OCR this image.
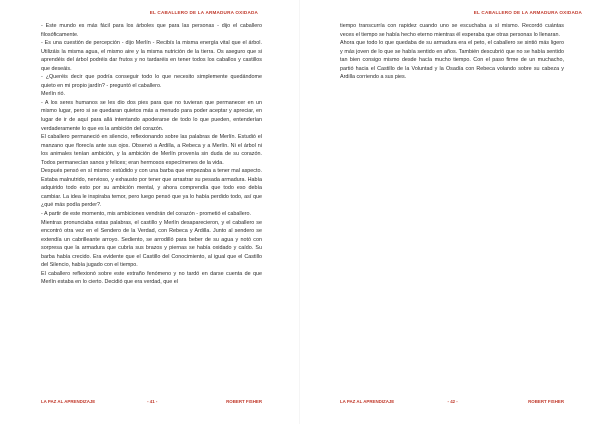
EL CABALLERO DE LA ARMADURA OXIDADA

- Este mundo es más fácil para los árboles que para las personas - dijo el caballero filosóficamente.

- Es una cuestión de percepción - dijo Merlín - Recibís la misma energía vital que el árbol. Utilizáis la misma agua, el mismo aire y la misma nutrición de la tierra. Os aseguro que si aprendéis del árbol podréis dar frutos y no tardaréis en tener todos los caballos y castillos que deseáis.

- ¿Queréis decir que podría conseguir todo lo que necesito simplemente quedándome quieto en mi propio jardín? - preguntó el caballero.

Merlín rió.

- A los seres humanos se les dio dos pies para que no tuvieran que permanecer en un mismo lugar, pero si se quedaran quietos más a menudo para poder aceptar y apreciar, en lugar de ir de aquí para allá intentando apoderarse de todo lo que pueden, entenderían verdaderamente lo que es la ambición del corazón.

El caballero permaneció en silencio, reflexionando sobre las palabras de Merlín. Estudió el manzano que florecía ante sus ojos. Observó a Ardilla, a Rebeca y a Merlín. Ni el árbol ni los animales tenían ambición, y la ambición de Merlín provenía sin duda de su corazón. Todos permanecían sanos y felices; eran hermosos especímenes de la vida.

Después pensó en sí mismo: estúdido y con una barba que empezaba a tener mal aspecto. Estaba malnutrido, nervioso, y exhausto por tener que arrastrar su pesada armadura. Había adquirido todo esto por su ambición mental, y ahora comprendía que todo eso debía cambiar. La idea le inspiraba temor, pero luego pensó que ya lo había perdido todo, así que ¿qué más podía perder?.

- A partir de este momento, mis ambiciones vendrán del corazón - prometió el caballero.

Mientras pronunciaba estas palabras, el castillo y Merlín desaparecieron, y el caballero se encontró otra vez en el Sendero de la Verdad, con Rebeca y Ardilla. Junto al sendero se extendía un cabrilleante arroyo. Sediento, se arrodilló para beber de su agua y notó con sorpresa que la armadura que cubría sus brazos y piernas se había oxidado y caído. Su barba había crecido. Era evidente que el Castillo del Conocimiento, al igual que el Castillo del Silencio, había jugado con el tiempo.

El caballero reflexionó sobre este extraño fenómeno y no tardó en darse cuenta de que Merlín estaba en lo cierto. Decidió que era verdad, que el

LA PAZ AL APRENDIZAJE	- 41 -	ROBERT FISHER
EL CABALLERO DE LA ARMADURA OXIDADA

tiempo transcurría con rapidez cuando uno se escuchaba a sí mismo. Recordó cuántas veces el tiempo se había hecho eterno mientras él esperaba que otras personas lo llenaran.

Ahora que todo lo que quedaba de su armadura era el peto, el caballero se sintió más ligero y más joven de lo que se había sentido en años. También descubrió que no se había sentido tan bien consigo mismo desde hacía mucho tiempo. Con el paso firme de un muchacho, partió hacia el Castillo de la Voluntad y la Osadía con Rebeca volando sobre su cabeza y Ardilla corriendo a sus pies.

LA PAZ AL APRENDIZAJE	- 42 -	ROBERT FISHER
